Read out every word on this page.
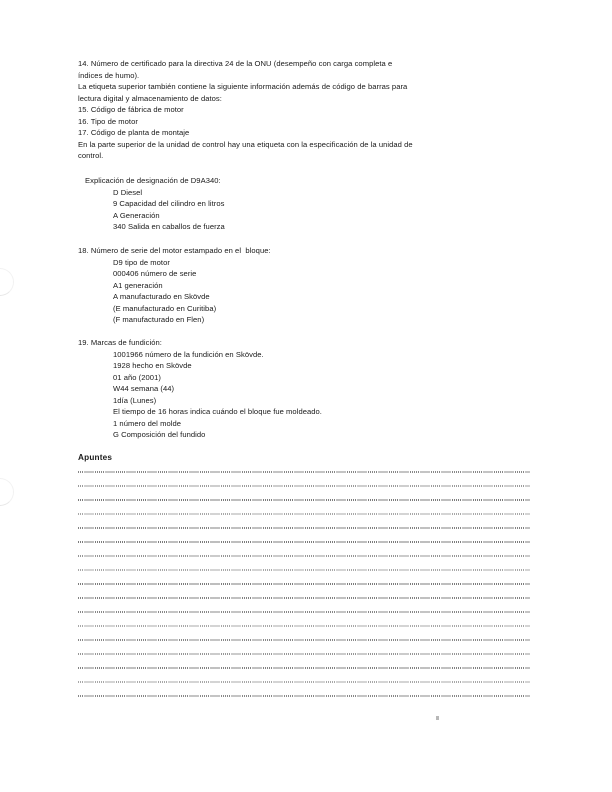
14. Número de certificado para la directiva 24 de la ONU (desempeño con carga completa e
índices de humo).
La etiqueta superior también contiene la siguiente información además de código de barras para
lectura digital y almacenamiento de datos:
15. Código de fábrica de motor
16. Tipo de motor
17. Código de planta de montaje
En la parte superior de la unidad de control hay una etiqueta con la especificación de la unidad de
control.
Explicación de designación de D9A340:
D Diesel
9 Capacidad del cilindro en litros
A Generación
340 Salida en caballos de fuerza
18. Número de serie del motor estampado en el  bloque:
D9 tipo de motor
000406 número de serie
A1 generación
A manufacturado en Skövde
(E manufacturado en Curitiba)
(F manufacturado en Flen)
19. Marcas de fundición:
1001966 número de la fundición en Skövde.
1928 hecho en Skövde
01 año (2001)
W44 semana (44)
1día (Lunes)
El tiempo de 16 horas indica cuándo el bloque fue moldeado.
1 número del molde
G Composición del fundido
Apuntes
